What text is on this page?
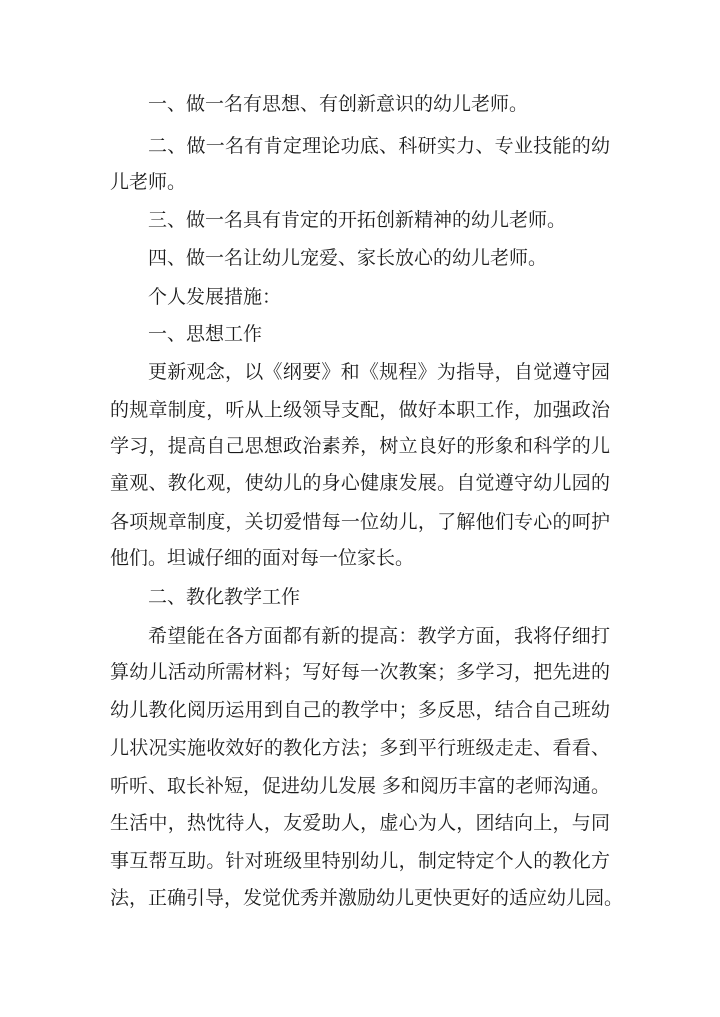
一、做一名有思想、有创新意识的幼儿老师。

二、做一名有肯定理论功底、科研实力、专业技能的幼

儿老师。

三、做一名具有肯定的开拓创新精神的幼儿老师。

四、做一名让幼儿宠爱、家长放心的幼儿老师。

个人发展措施：

一、思想工作

更新观念，以《纲要》和《规程》为指导，自觉遵守园

的规章制度，听从上级领导支配，做好本职工作，加强政治

学习，提高自己思想政治素养，树立良好的形象和科学的儿

童观、教化观，使幼儿的身心健康发展。自觉遵守幼儿园的

各项规章制度，关切爱惜每一位幼儿，了解他们专心的呵护

他们。坦诚仔细的面对每一位家长。

二、教化教学工作

希望能在各方面都有新的提高：教学方面，我将仔细打

算幼儿活动所需材料；写好每一次教案；多学习，把先进的

幼儿教化阅历运用到自己的教学中；多反思，结合自己班幼

儿状况实施收效好的教化方法；多到平行班级走走、看看、

听听、取长补短，促进幼儿发展 多和阅历丰富的老师沟通。

生活中，热忱待人，友爱助人，虚心为人，团结向上，与同

事互帮互助。针对班级里特别幼儿，制定特定个人的教化方

法，正确引导，发觉优秀并激励幼儿更快更好的适应幼儿园。
